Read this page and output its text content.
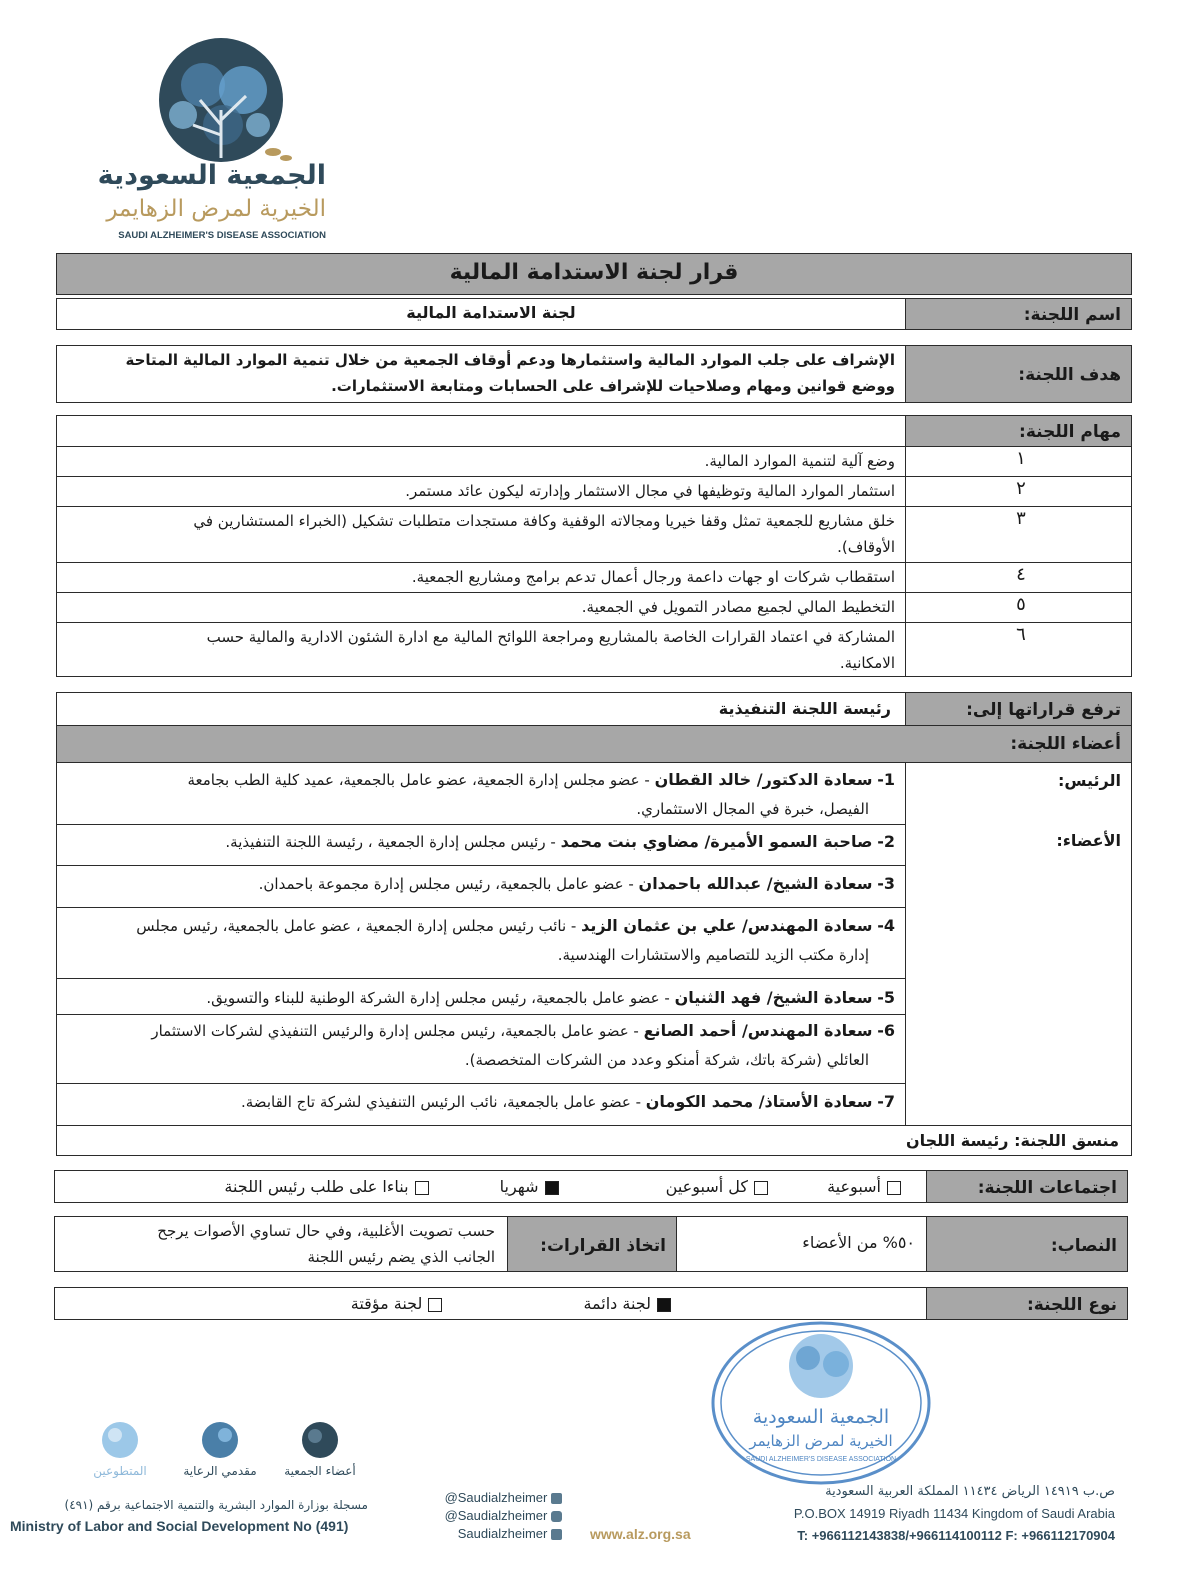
الجمعية السعودية
الخيرية لمرض الزهايمر
SAUDI ALZHEIMER'S DISEASE ASSOCIATION
قرار لجنة الاستدامة المالية
اسم اللجنة:
لجنة الاستدامة المالية
هدف اللجنة:
الإشراف على جلب الموارد المالية واستثمارها ودعم أوقاف الجمعية من خلال تنمية الموارد المالية المتاحة
ووضع قوانين ومهام وصلاحيات للإشراف على الحسابات ومتابعة الاستثمارات.
مهام اللجنة:
١
وضع آلية لتنمية الموارد المالية.
٢
استثمار الموارد المالية وتوظيفها في مجال الاستثمار وإدارته ليكون عائد مستمر.
٣
خلق مشاريع للجمعية تمثل وقفا خيريا ومجالاته الوقفية وكافة مستجدات متطلبات تشكيل (الخبراء المستشارين في
الأوقاف).
٤
استقطاب شركات او جهات داعمة ورجال أعمال تدعم برامج ومشاريع الجمعية.
٥
التخطيط المالي لجميع مصادر التمويل في الجمعية.
٦
المشاركة في اعتماد القرارات الخاصة بالمشاريع ومراجعة اللوائح المالية مع ادارة الشئون الادارية والمالية حسب
الامكانية.
ترفع قراراتها إلى:
رئيسة اللجنة التنفيذية
أعضاء اللجنة:
الرئيس:
الأعضاء:
1- سعادة الدكتور/ خالد القطان - عضو مجلس إدارة الجمعية، عضو عامل بالجمعية، عميد كلية الطب بجامعة
الفيصل، خبرة في المجال الاستثماري.
2- صاحبة السمو الأميرة/ مضاوي بنت محمد - رئيس مجلس إدارة الجمعية ، رئيسة اللجنة التنفيذية.
3- سعادة الشيخ/ عبدالله باحمدان - عضو عامل بالجمعية، رئيس مجلس إدارة مجموعة باحمدان.
4- سعادة المهندس/ علي بن عثمان الزيد - نائب رئيس مجلس إدارة الجمعية ، عضو عامل بالجمعية، رئيس مجلس
إدارة مكتب الزيد للتصاميم والاستشارات الهندسية.
5- سعادة الشيخ/ فهد الثنيان - عضو عامل بالجمعية، رئيس مجلس إدارة الشركة الوطنية للبناء والتسويق.
6- سعادة المهندس/ أحمد الصانع - عضو عامل بالجمعية، رئيس مجلس إدارة والرئيس التنفيذي لشركات الاستثمار
العائلي (شركة باتك، شركة أمنكو وعدد من الشركات المتخصصة).
7- سعادة الأستاذ/ محمد الكومان - عضو عامل بالجمعية، نائب الرئيس التنفيذي لشركة تاج القابضة.
منسق اللجنة: رئيسة اللجان
اجتماعات اللجنة:
أسبوعية كل أسبوعين شهريا بناءا على طلب رئيس اللجنة
النصاب:
٥٠% من الأعضاء
اتخاذ القرارات:
حسب تصويت الأغلبية، وفي حال تساوي الأصوات يرجح
الجانب الذي يضم رئيس اللجنة
نوع اللجنة:
لجنة دائمة لجنة مؤقتة
الجمعية السعودية
الخيرية لمرض الزهايمر
SAUDI ALZHEIMER'S DISEASE ASSOCIATION
أعضاء الجمعية
مقدمي الرعاية
المتطوعين
مسجلة بوزارة الموارد البشرية والتنمية الاجتماعية برقم (٤٩١)
Ministry of Labor and Social Development No (491)
@Saudialzheimer
@Saudialzheimer
Saudialzheimer	www.alz.org.sa
ص.ب ١٤٩١٩ الرياض ١١٤٣٤ المملكة العربية السعودية
P.O.BOX 14919 Riyadh 11434 Kingdom of Saudi Arabia
T: +966112143838/+966114100112 F: +966112170904
